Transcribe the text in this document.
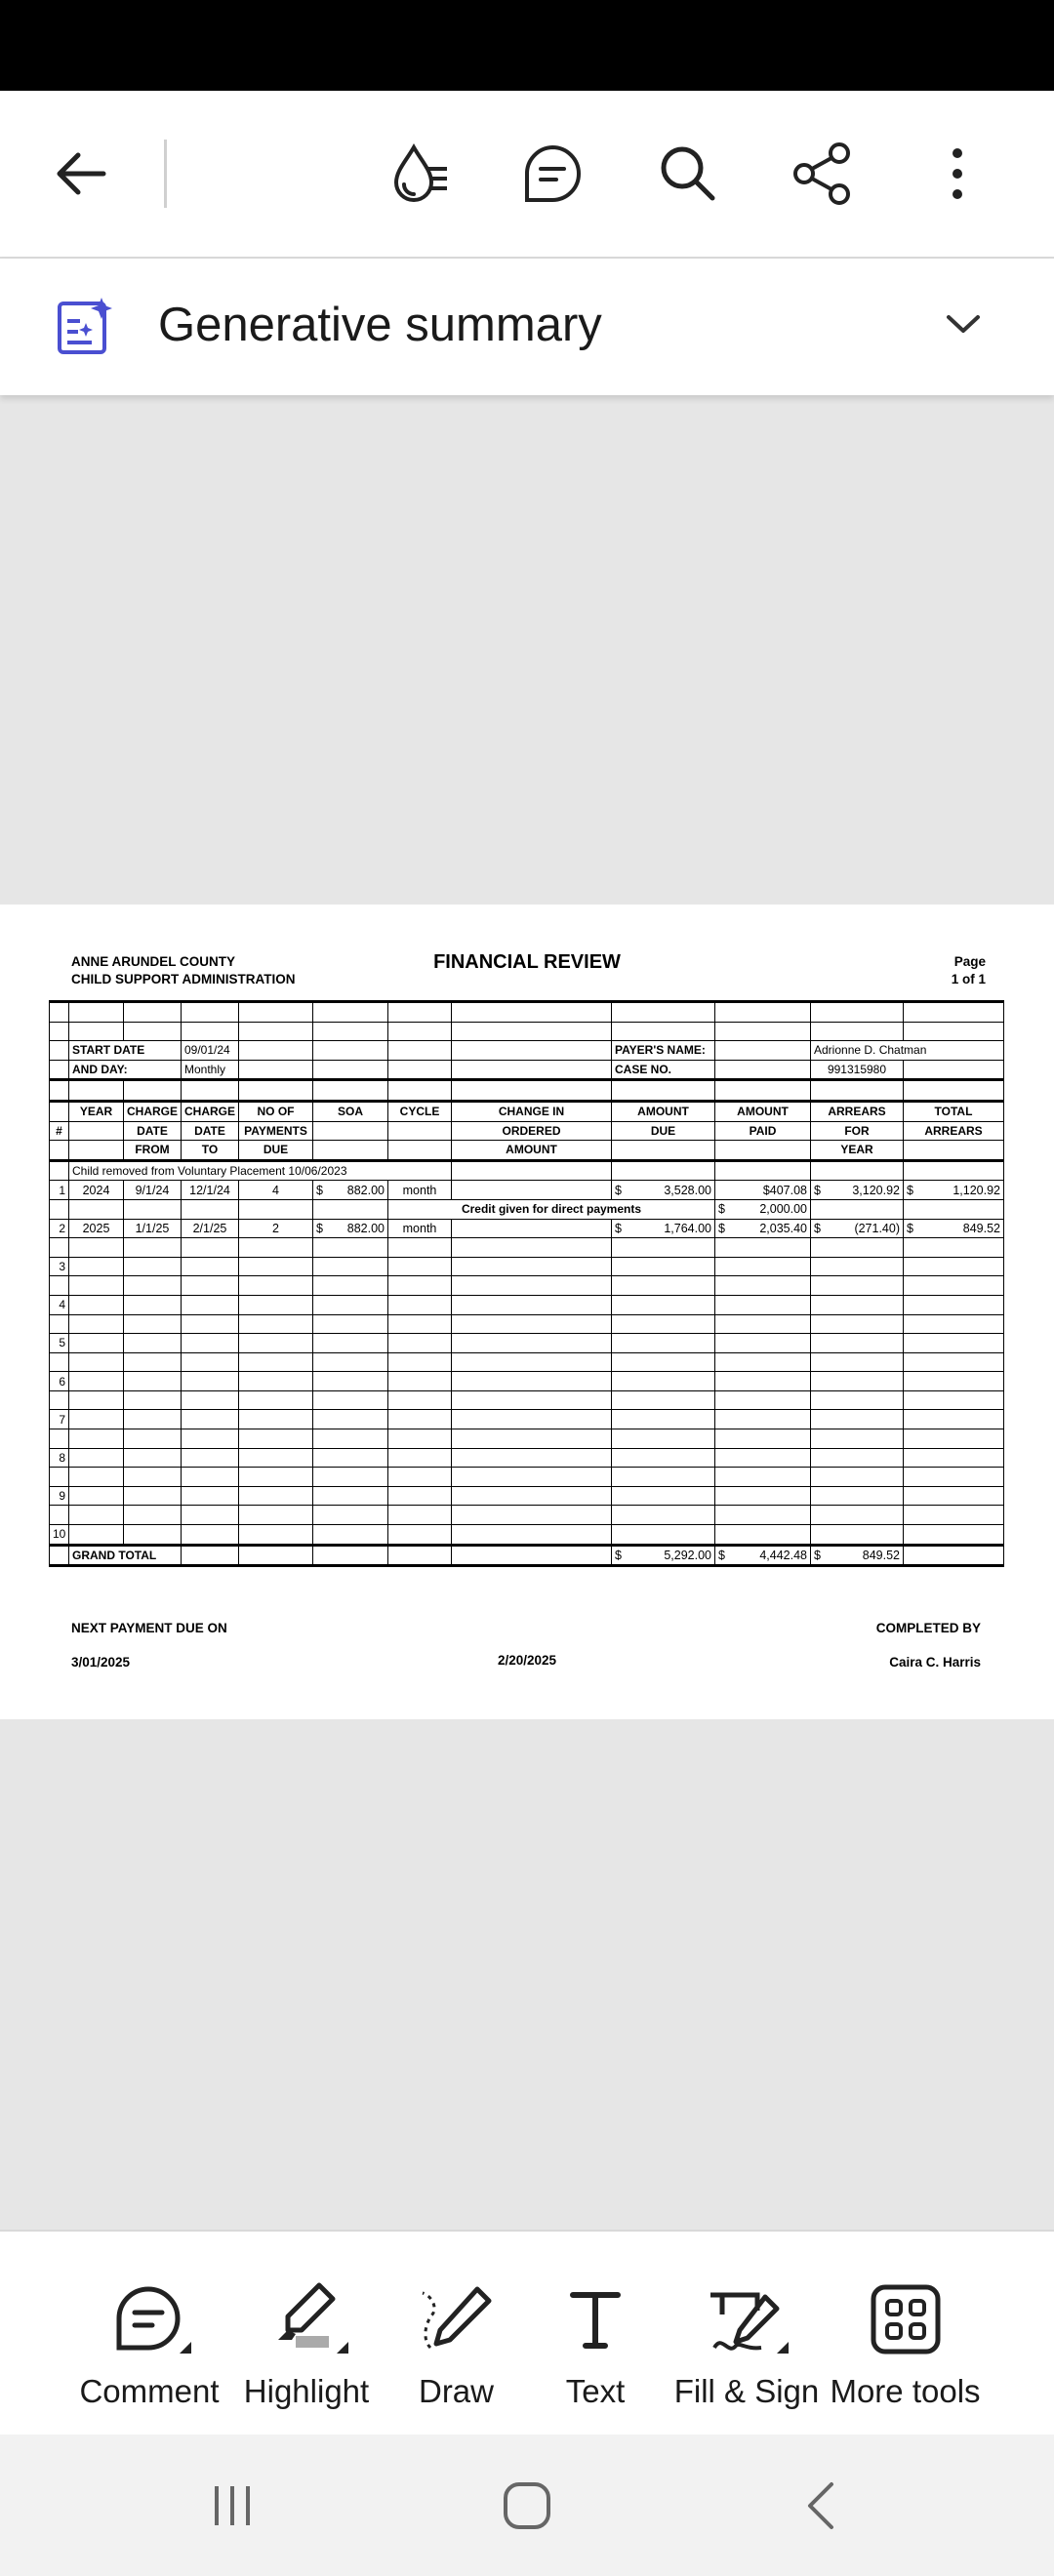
Generative summary
ANNE ARUNDEL COUNTY
CHILD SUPPORT ADMINISTRATION
FINANCIAL REVIEW	Page
1 of 1

	START DATE		09/01/24					PAYER'S NAME:		Adrionne D. Chatman	
	AND DAY:		Monthly					CASE NO.		991315980	

	YEAR	CHARGE	CHARGE	NO OF	SOA	CYCLE	CHANGE IN	AMOUNT	AMOUNT	ARREARS	TOTAL
#		DATE	DATE	PAYMENTS			ORDERED	DUE	PAID	FOR	ARREARS
		FROM	TO	DUE			AMOUNT			YEAR	
	Child removed from Voluntary Placement 10/06/2023										
1	2024	9/1/24	12/1/24	4	$ 882.00	month		$ 3,528.00	$407.08	$ 3,120.92	$ 1,120.92

						Credit given for direct payments			$ 2,000.00		

2	2025	1/1/25	2/1/25	2	$ 882.00	month		$ 1,764.00	$ 2,035.40	$ (271.40)	$ 849.52

3											

4											

5											

6											

7											

8											

9											

10											
	GRAND TOTAL							$ 5,292.00	$ 4,442.48	$ 849.52	

NEXT PAYMENT DUE ON
3/01/2025	2/20/2025
COMPLETED BY
Caira C. Harris
Comment Highlight Draw Text Fill & Sign More tools
